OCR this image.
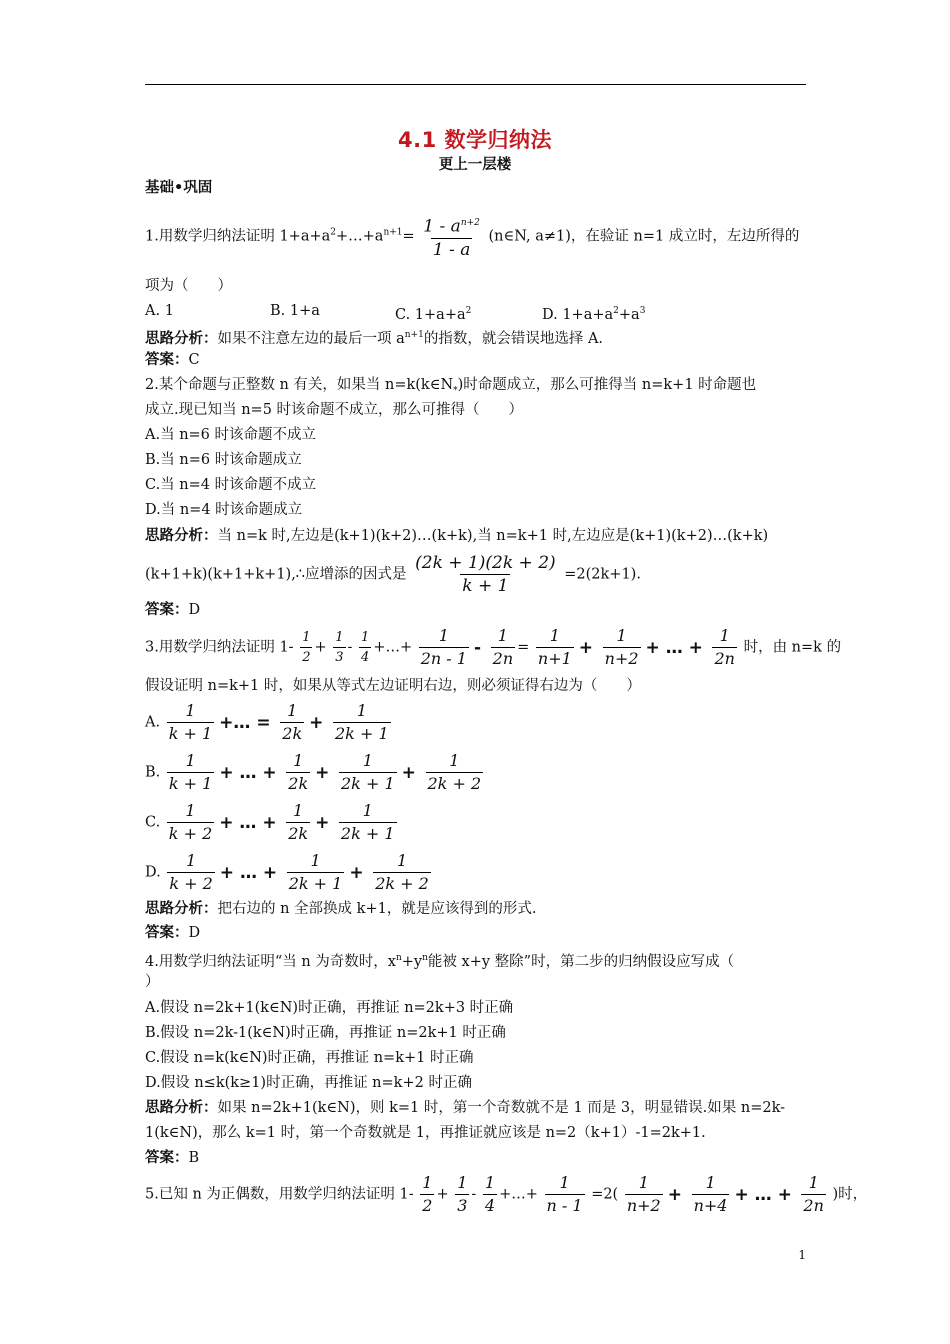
4.1 数学归纳法
更上一层楼
基础•巩固
1.用数学归纳法证明 $1+a+a^2+\dots+a^{n+1}= \frac{1 - a^{n+2}}{1 - a}$ (n∈N, a≠1)，在验证 n=1 成立时，左边所得的
项为（　　）
A. 1	B. 1+a	C. $1+a+a^2$	D. $1+a+a^2+a^3$
思路分析：如果不注意左边的最后一项 $a^{n+1}$的指数，就会错误地选择 A.
答案：C
2.某个命题与正整数 n 有关，如果当 $n=k(k\in N_*)$时命题成立，那么可推得当 n=k+1 时命题也
成立.现已知当 n=5 时该命题不成立，那么可推得（　　）
A.当 n=6 时该命题不成立
B.当 n=6 时该命题成立
C.当 n=4 时该命题不成立
D.当 n=4 时该命题成立
思路分析：当 n=k 时,左边是(k+1)(k+2)…(k+k),当 n=k+1 时,左边应是(k+1)(k+2)…(k+k)
(k+1+k)(k+1+k+1),∴应增添的因式是 $\frac{(2k + 1)(2k + 2)}{k + 1} =2(2k+1)$.
答案：D
3.用数学归纳法证明 $1- \frac{1}{2} + \frac{1}{3} - \frac{1}{4}$ +…+ $\frac{1}{2n - 1} - \frac{1}{2n} = \frac{1}{n+1} + \frac{1}{n+2}$ + … + $\frac{1}{2n}$ 时，由 n=k 的
假设证明 n=k+1 时，如果从等式左边证明右边，则必须证得右边为（　　）
A. $\frac{1}{k + 1}$ +… = $\frac{1}{2k} + \frac{1}{2k + 1}$
B. $\frac{1}{k + 1}$ + … + $\frac{1}{2k} + \frac{1}{2k + 1} + \frac{1}{2k + 2}$
C. $\frac{1}{k + 2}$ + … + $\frac{1}{2k} + \frac{1}{2k + 1}$
D. $\frac{1}{k + 2}$ + … + $\frac{1}{2k + 1} + \frac{1}{2k + 2}$
思路分析：把右边的 n 全部换成 k+1，就是应该得到的形式.
答案：D
4.用数学归纳法证明“当 n 为奇数时，$x^n+y^n$能被 x+y 整除”时，第二步的归纳假设应写成（
）
A.假设 n=2k+1(k∈N)时正确，再推证 n=2k+3 时正确
B.假设 n=2k-1(k∈N)时正确，再推证 n=2k+1 时正确
C.假设 n=k(k∈N)时正确，再推证 n=k+1 时正确
D.假设 n≤k(k≥1)时正确，再推证 n=k+2 时正确
思路分析：如果 n=2k+1(k∈N)，则 k=1 时，第一个奇数就不是 1 而是 3，明显错误.如果 n=2k-
1(k∈N)，那么 k=1 时，第一个奇数就是 1，再推证就应该是 n=2（k+1）-1=2k+1.
答案：B
5.已知 n 为正偶数，用数学归纳法证明 $1- \frac{1}{2} + \frac{1}{3} - \frac{1}{4}$ +…+ $\frac{1}{n - 1} =2( \frac{1}{n+2} + \frac{1}{n+4}$ + … + $\frac{1}{2n}$ )时，
1
